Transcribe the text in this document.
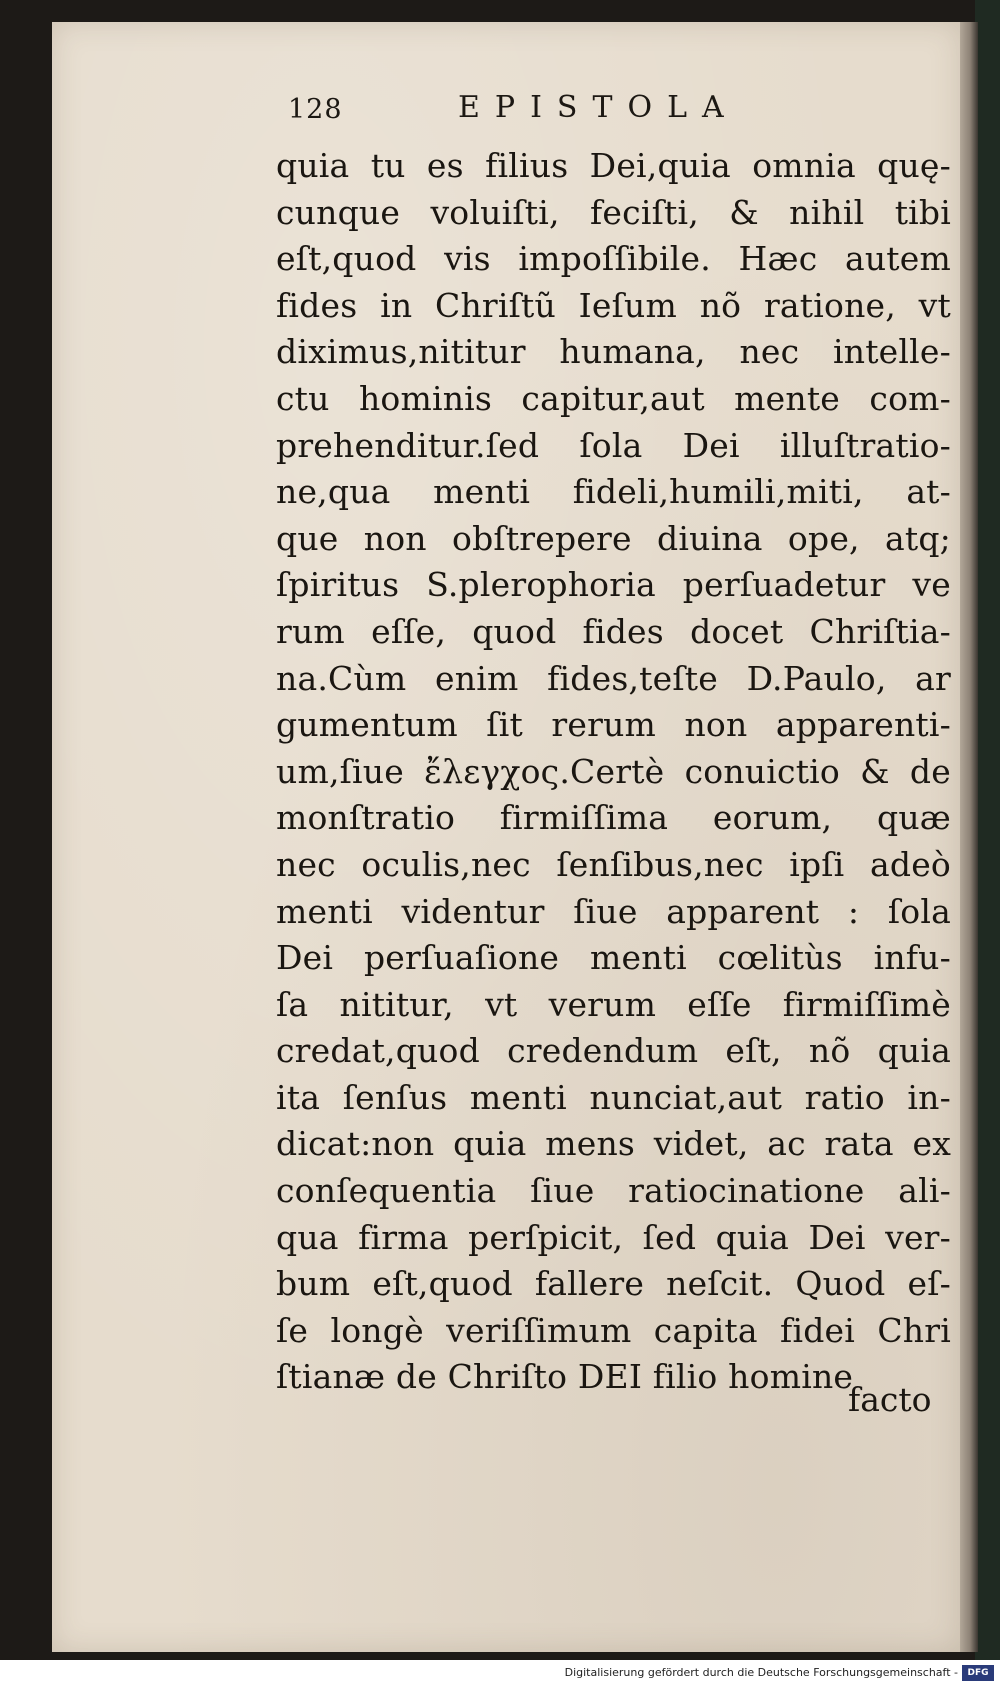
128	EPISTOLA
quia tu es filius Dei,quia omnia quę-
cunque voluiſti, feciſti, & nihil tibi
eſt,quod vis impoſſibile. Hæc autem
fides in Chriſtũ Ieſum nõ ratione, vt
diximus,nititur humana, nec intelle-
ctu hominis capitur,aut mente com-
prehenditur.ſed ſola Dei illuſtratio-
ne,qua menti fideli,humili,miti, at-
que non obſtrepere diuina ope, atq;
ſpiritus S.plerophoria perſuadetur ve
rum eſſe, quod fides docet Chriſtia-
na.Cùm enim fides,teſte D.Paulo, ar
gumentum ſit rerum non apparenti-
um,ſiue ἔλεγχος.Certè conuictio & de
monſtratio firmiſſima eorum, quæ
nec oculis,nec ſenſibus,nec ipſi adeò
menti videntur ſiue apparent : ſola
Dei perſuaſione menti cœlitùs infu-
ſa nititur, vt verum eſſe firmiſſimè
credat,quod credendum eſt, nõ quia
ita ſenſus menti nunciat,aut ratio in-
dicat:non quia mens videt, ac rata ex
conſequentia ſiue ratiocinatione ali-
qua firma perſpicit, ſed quia Dei ver-
bum eſt,quod fallere neſcit. Quod eſ-
ſe longè veriſſimum capita fidei Chri
ſtianæ de Chriſto DEI filio homine
facto
Digitalisierung gefördert durch die Deutsche Forschungsgemeinschaft -	DFG
